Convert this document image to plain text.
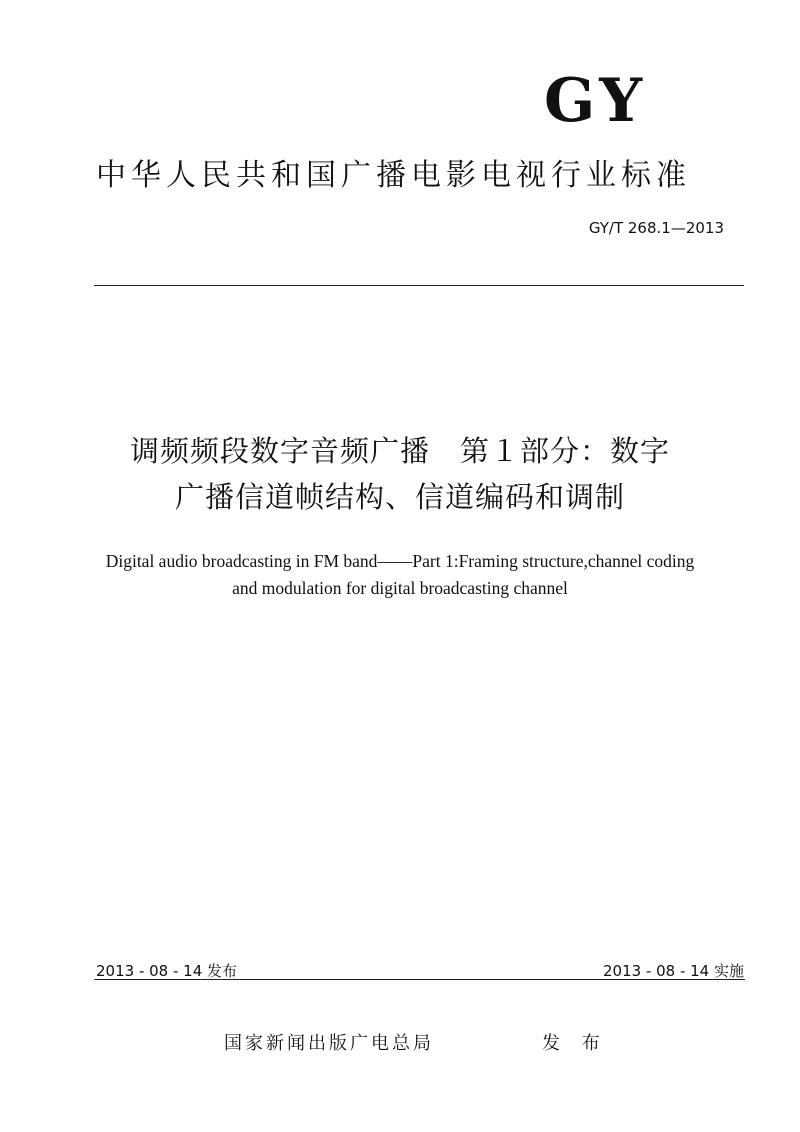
GY
中华人民共和国广播电影电视行业标准
GY/T 268.1—2013
调频频段数字音频广播　第１部分：数字
广播信道帧结构、信道编码和调制
Digital audio broadcasting in FM band——Part 1:Framing structure,channel coding
and modulation for digital broadcasting channel
2013 - 08 - 14 发布	2013 - 08 - 14 实施
国家新闻出版广电总局	发 布
